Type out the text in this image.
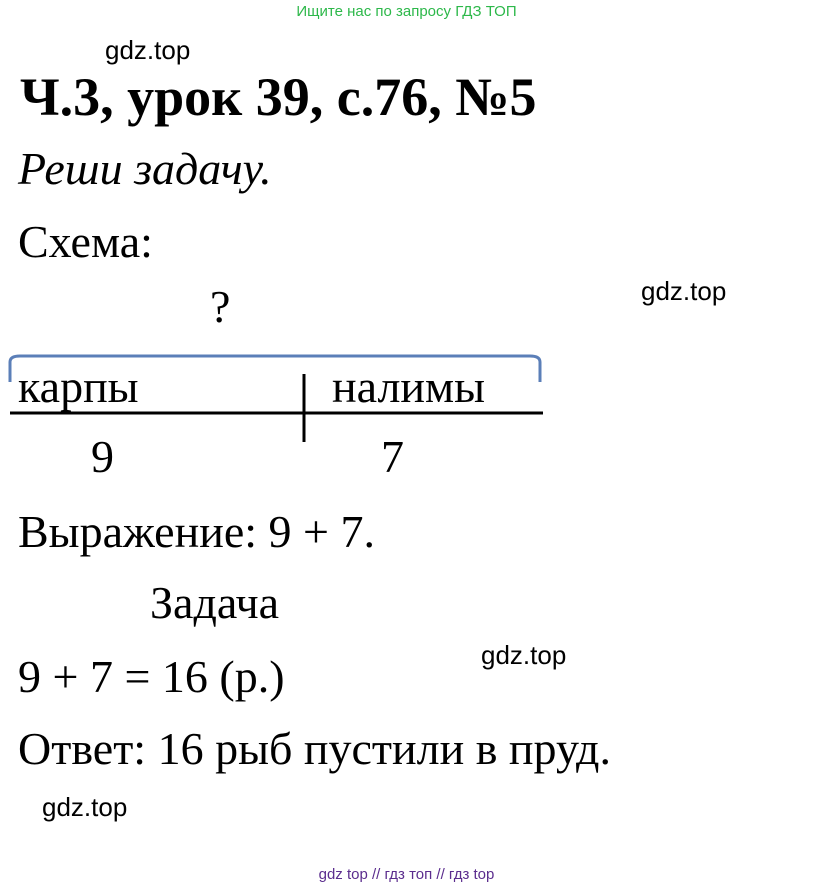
Ищите нас по запросу ГДЗ ТОП
gdz.top
gdz.top
gdz.top
gdz.top
Ч.3, урок 39, с.76, №5
Реши задачу.
Схема:
?
карпы	налимы
9	7
Выражение: 9 + 7.
Задача
9 + 7 = 16 (р.)
Ответ: 16 рыб пустили в пруд.
gdz top // гдз топ // гдз top
